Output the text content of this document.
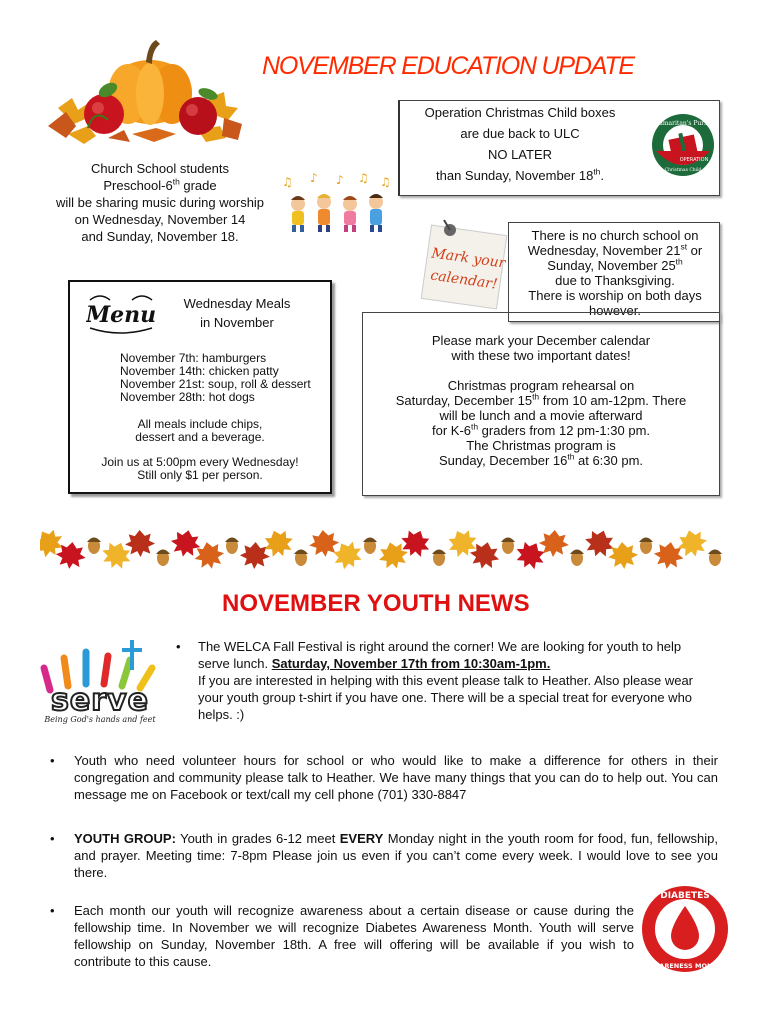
NOVEMBER EDUCATION UPDATE
Church School students
Preschool-6th grade
will be sharing music during worship
on Wednesday, November 14
and Sunday, November 18.
♫ ♪ ♪ ♫ ♫
Operation Christmas Child boxes
are due back to ULC
NO LATER
than Sunday, November 18th.
Samaritan's Purse
OPERATION
Christmas Child
Mark your
calendar!
There is no church school on
Wednesday, November 21st or
Sunday, November 25th
due to Thanksgiving.
There is worship on both days
however.
Menu	Wednesday Meals
in November
November 7th: hamburgers
November 14th: chicken patty
November 21st: soup, roll & dessert
November 28th: hot dogs
All meals include chips,
dessert and a beverage.
Join us at 5:00pm every Wednesday!
Still only $1 per person.
Please mark your December calendar
with these two important dates!
Christmas program rehearsal on
Saturday, December 15th from 10 am-12pm. There
will be lunch and a movie afterward
for K-6th graders from 12 pm-1:30 pm.
The Christmas program is
Sunday, December 16th at 6:30 pm.
NOVEMBER YOUTH NEWS
serve
Being God's hands and feet
• The WELCA Fall Festival is right around the corner! We are looking for youth to help serve lunch. Saturday, November 17th from 10:30am-1pm.
If you are interested in helping with this event please talk to Heather. Also please wear your youth group t-shirt if you have one. There will be a special treat for everyone who helps. :)
• Youth who need volunteer hours for school or who would like to make a difference for others in their congregation and community please talk to Heather. We have many things that you can do to help out. You can message me on Facebook or text/call my cell phone (701) 330-8847
• YOUTH GROUP: Youth in grades 6-12 meet EVERY Monday night in the youth room for food, fun, fellowship, and prayer. Meeting time: 7-8pm Please join us even if you can’t come every week. I would love to see you there.
• Each month our youth will recognize awareness about a certain disease or cause during the fellowship time. In November we will recognize Diabetes Awareness Month. Youth will serve fellowship on Sunday, November 18th. A free will offering will be available if you wish to contribute to this cause.
DIABETES
AWARENESS MONTH
